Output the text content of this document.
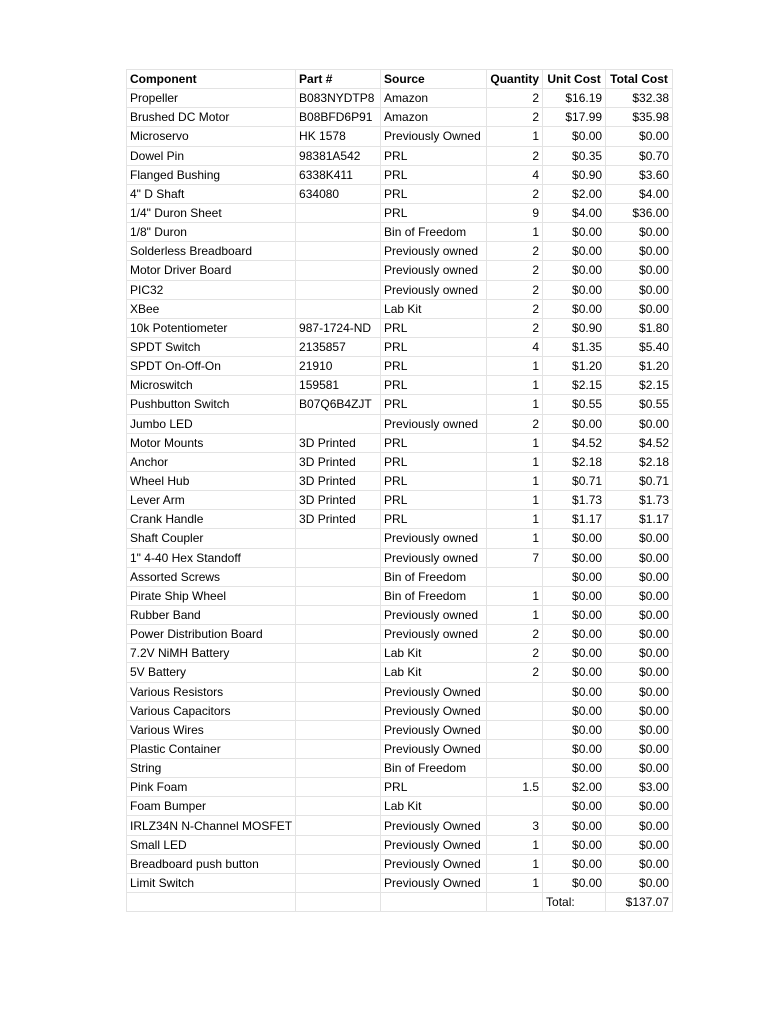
Component	Part #	Source	Quantity	Unit Cost	Total Cost
Propeller	B083NYDTP8	Amazon	2	$16.19	$32.38
Brushed DC Motor	B08BFD6P91	Amazon	2	$17.99	$35.98
Microservo	HK 1578	Previously Owned	1	$0.00	$0.00
Dowel Pin	98381A542	PRL	2	$0.35	$0.70
Flanged Bushing	6338K411	PRL	4	$0.90	$3.60
4" D Shaft	634080	PRL	2	$2.00	$4.00
1/4" Duron Sheet		PRL	9	$4.00	$36.00
1/8" Duron		Bin of Freedom	1	$0.00	$0.00
Solderless Breadboard		Previously owned	2	$0.00	$0.00
Motor Driver Board		Previously owned	2	$0.00	$0.00
PIC32		Previously owned	2	$0.00	$0.00
XBee		Lab Kit	2	$0.00	$0.00
10k Potentiometer	987-1724-ND	PRL	2	$0.90	$1.80
SPDT Switch	2135857	PRL	4	$1.35	$5.40
SPDT On-Off-On	21910	PRL	1	$1.20	$1.20
Microswitch	159581	PRL	1	$2.15	$2.15
Pushbutton Switch	B07Q6B4ZJT	PRL	1	$0.55	$0.55
Jumbo LED		Previously owned	2	$0.00	$0.00
Motor Mounts	3D Printed	PRL	1	$4.52	$4.52
Anchor	3D Printed	PRL	1	$2.18	$2.18
Wheel Hub	3D Printed	PRL	1	$0.71	$0.71
Lever Arm	3D Printed	PRL	1	$1.73	$1.73
Crank Handle	3D Printed	PRL	1	$1.17	$1.17
Shaft Coupler		Previously owned	1	$0.00	$0.00
1" 4-40 Hex Standoff		Previously owned	7	$0.00	$0.00
Assorted Screws		Bin of Freedom		$0.00	$0.00
Pirate Ship Wheel		Bin of Freedom	1	$0.00	$0.00
Rubber Band		Previously owned	1	$0.00	$0.00
Power Distribution Board		Previously owned	2	$0.00	$0.00
7.2V NiMH Battery		Lab Kit	2	$0.00	$0.00
5V Battery		Lab Kit	2	$0.00	$0.00
Various Resistors		Previously Owned		$0.00	$0.00
Various Capacitors		Previously Owned		$0.00	$0.00
Various Wires		Previously Owned		$0.00	$0.00
Plastic Container		Previously Owned		$0.00	$0.00
String		Bin of Freedom		$0.00	$0.00
Pink Foam		PRL	1.5	$2.00	$3.00
Foam Bumper		Lab Kit		$0.00	$0.00
IRLZ34N N-Channel MOSFET		Previously Owned	3	$0.00	$0.00
Small LED		Previously Owned	1	$0.00	$0.00
Breadboard push button		Previously Owned	1	$0.00	$0.00
Limit Switch		Previously Owned	1	$0.00	$0.00
				Total:	$137.07
